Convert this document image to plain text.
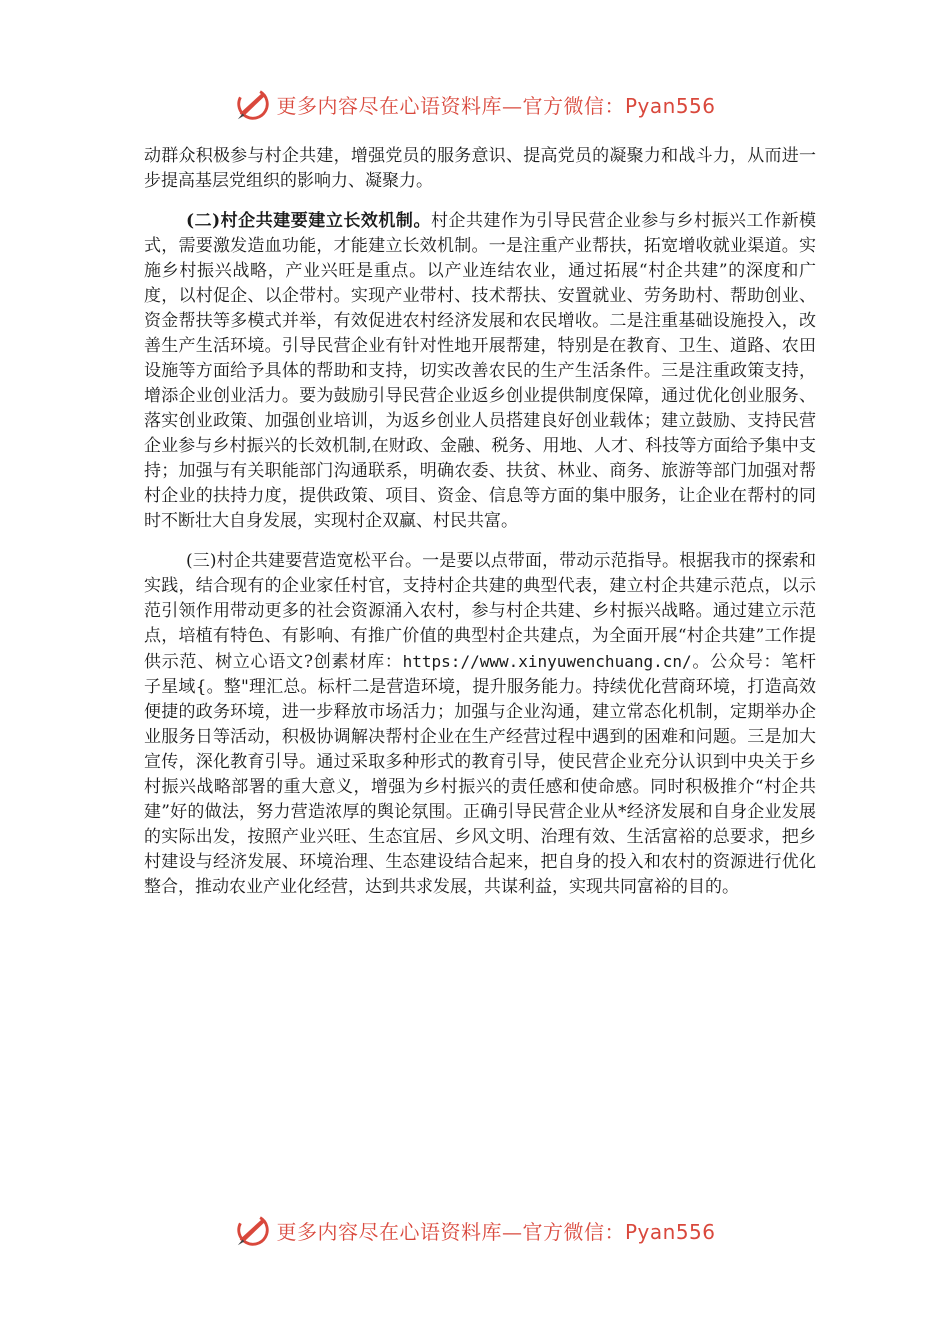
更多内容尽在心语资料库—官方微信：Pyan556

动群众积极参与村企共建，增强党员的服务意识、提高党员的凝聚力和战斗力，从而进一步提高基层党组织的影响力、凝聚力。

(二)村企共建要建立长效机制。村企共建作为引导民营企业参与乡村振兴工作新模式，需要激发造血功能，才能建立长效机制。一是注重产业帮扶，拓宽增收就业渠道。实施乡村振兴战略，产业兴旺是重点。以产业连结农业，通过拓展“村企共建”的深度和广度，以村促企、以企带村。实现产业带村、技术帮扶、安置就业、劳务助村、帮助创业、资金帮扶等多模式并举，有效促进农村经济发展和农民增收。二是注重基础设施投入，改善生产生活环境。引导民营企业有针对性地开展帮建，特别是在教育、卫生、道路、农田设施等方面给予具体的帮助和支持，切实改善农民的生产生活条件。三是注重政策支持，增添企业创业活力。要为鼓励引导民营企业返乡创业提供制度保障，通过优化创业服务、落实创业政策、加强创业培训，为返乡创业人员搭建良好创业载体；建立鼓励、支持民营企业参与乡村振兴的长效机制,在财政、金融、税务、用地、人才、科技等方面给予集中支持；加强与有关职能部门沟通联系，明确农委、扶贫、林业、商务、旅游等部门加强对帮村企业的扶持力度，提供政策、项目、资金、信息等方面的集中服务，让企业在帮村的同时不断壮大自身发展，实现村企双赢、村民共富。

(三)村企共建要营造宽松平台。一是要以点带面，带动示范指导。根据我市的探索和实践，结合现有的企业家任村官，支持村企共建的典型代表，建立村企共建示范点，以示范引领作用带动更多的社会资源涌入农村，参与村企共建、乡村振兴战略。通过建立示范点，培植有特色、有影响、有推广价值的典型村企共建点，为全面开展“村企共建”工作提供示范、树立心语文?创素材库：https://www.xinyuwenchuang.cn/。公众号：笔杆子星域{。整"理汇总。标杆二是营造环境，提升服务能力。持续优化营商环境，打造高效便捷的政务环境，进一步释放市场活力；加强与企业沟通，建立常态化机制，定期举办企业服务日等活动，积极协调解决帮村企业在生产经营过程中遇到的困难和问题。三是加大宣传，深化教育引导。通过采取多种形式的教育引导，使民营企业充分认识到中央关于乡村振兴战略部署的重大意义，增强为乡村振兴的责任感和使命感。同时积极推介“村企共建”好的做法，努力营造浓厚的舆论氛围。正确引导民营企业从*经济发展和自身企业发展的实际出发，按照产业兴旺、生态宜居、乡风文明、治理有效、生活富裕的总要求，把乡村建设与经济发展、环境治理、生态建设结合起来，把自身的投入和农村的资源进行优化整合，推动农业产业化经营，达到共求发展，共谋利益，实现共同富裕的目的。

更多内容尽在心语资料库—官方微信：Pyan556
